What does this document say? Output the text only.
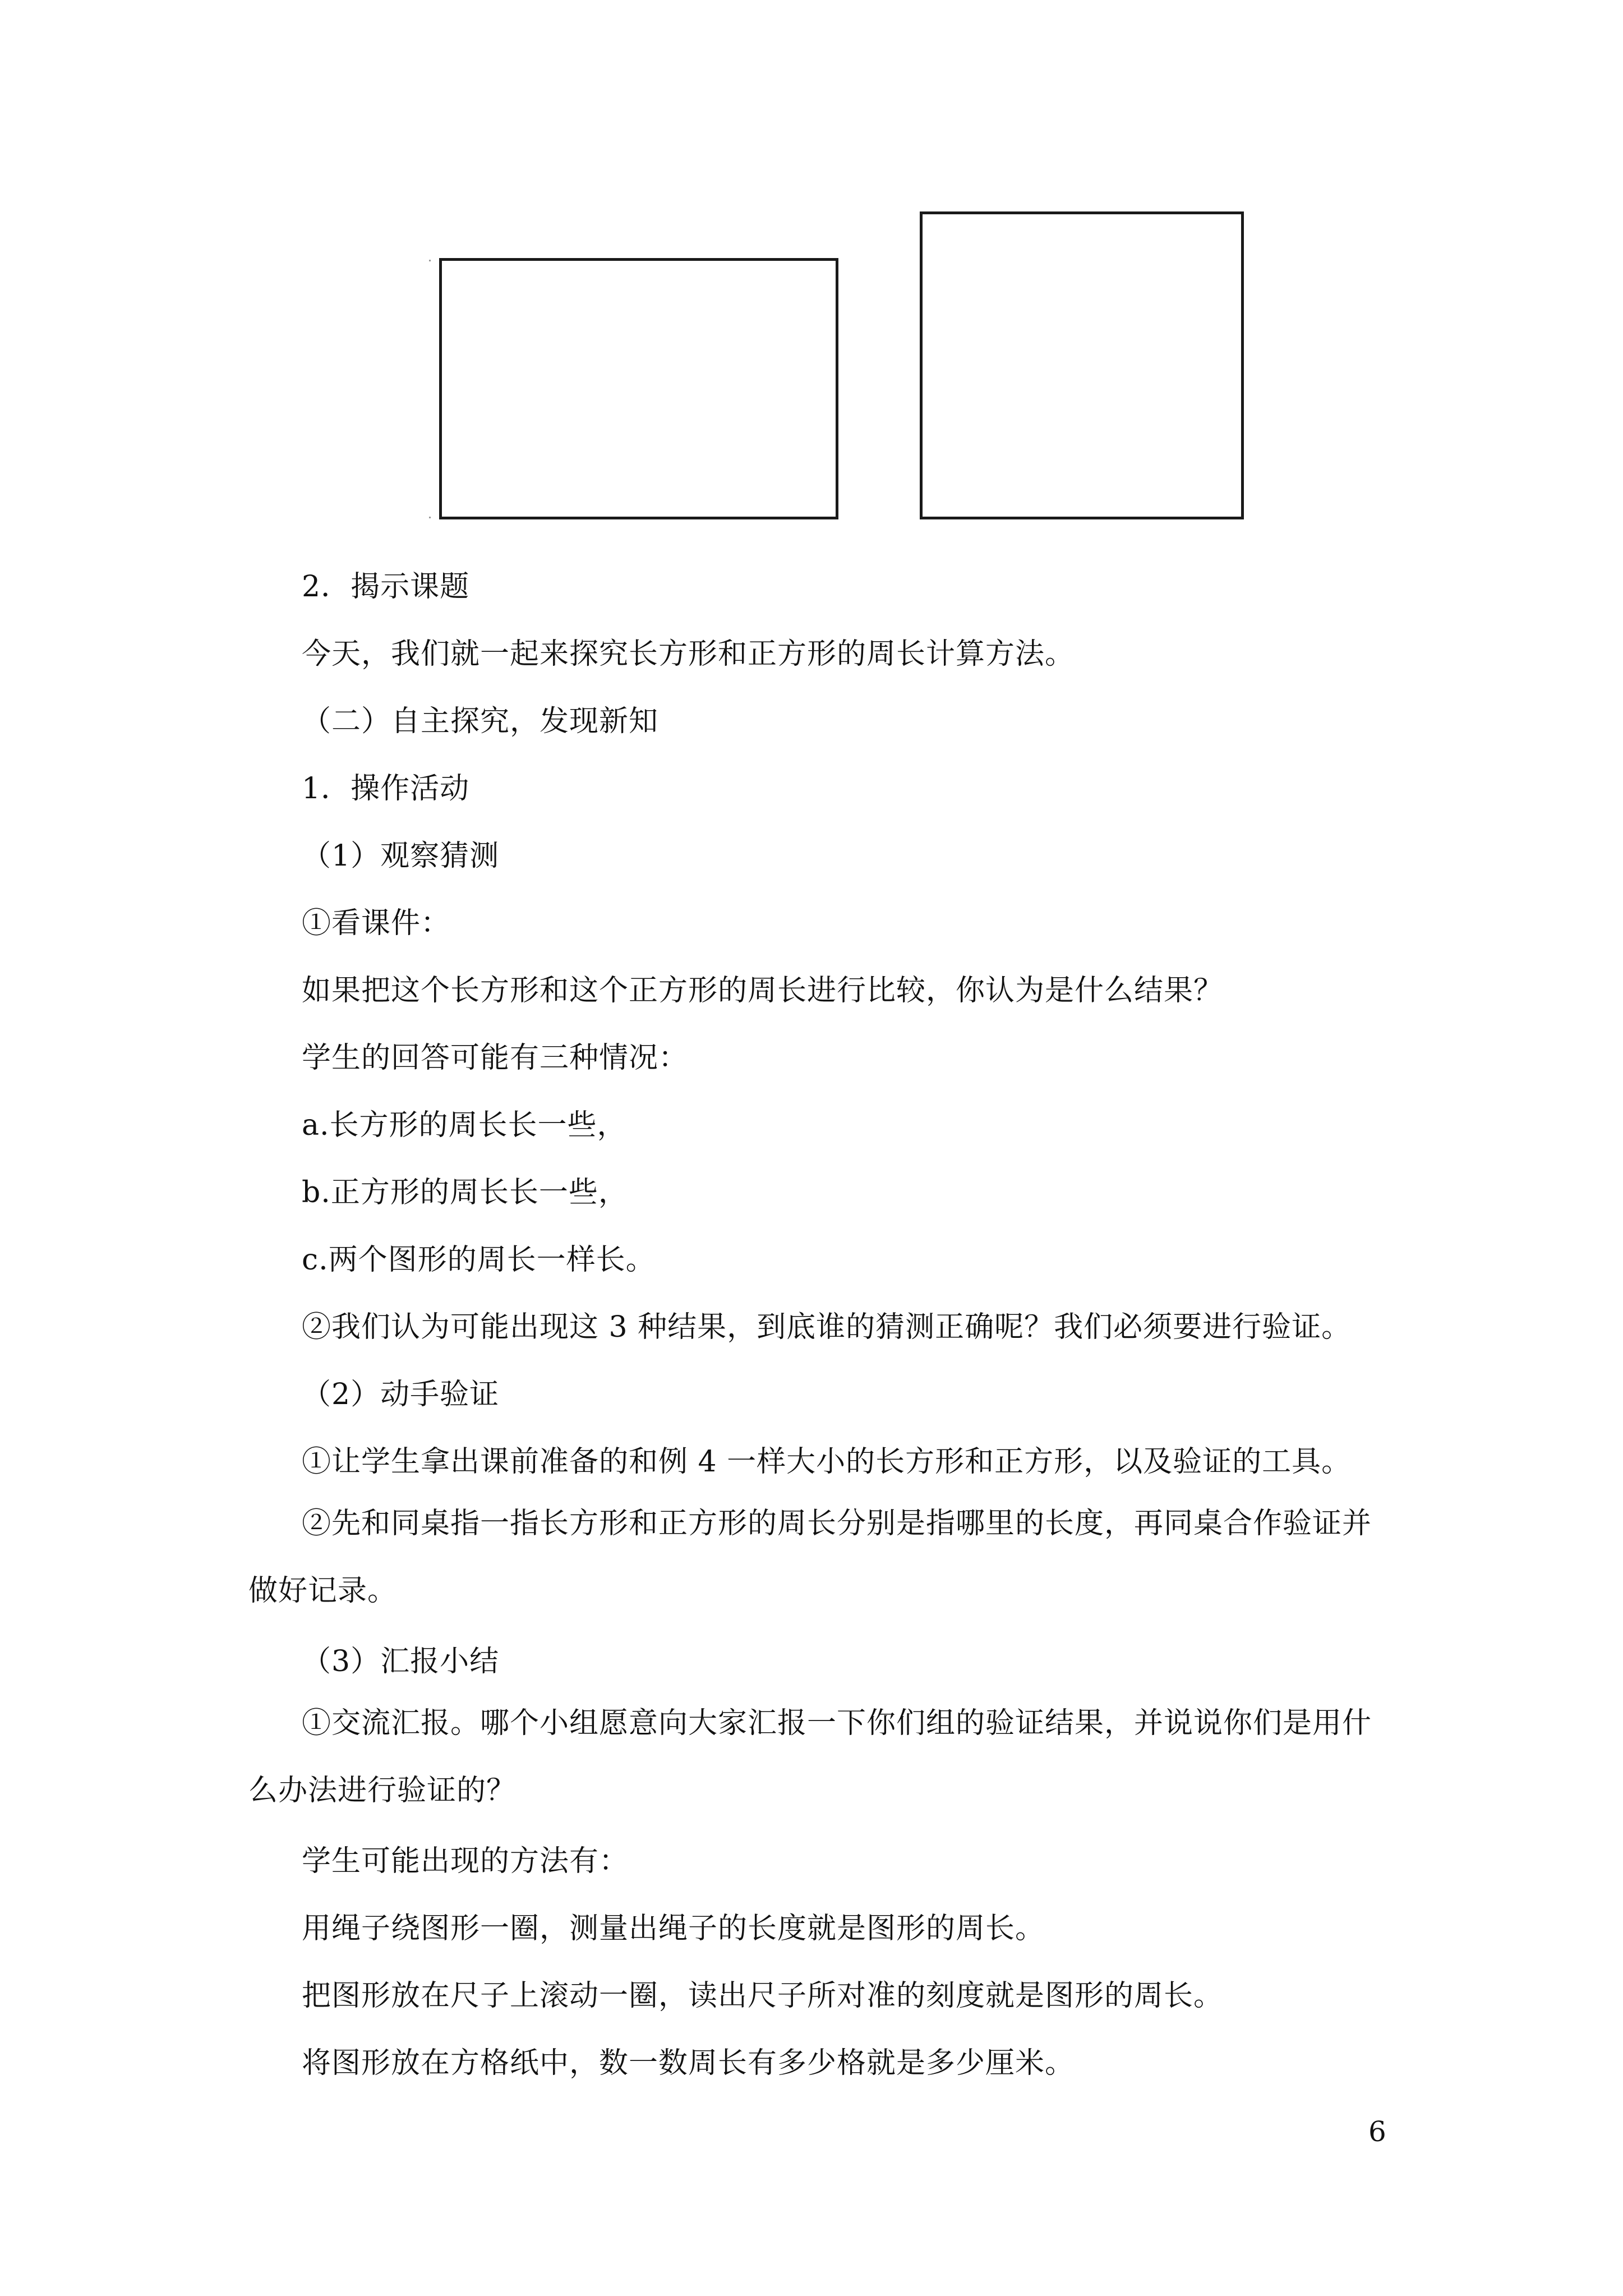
2．揭示课题

今天，我们就一起来探究长方形和正方形的周长计算方法。

（二）自主探究，发现新知

1．操作活动

（1）观察猜测

①看课件：

如果把这个长方形和这个正方形的周长进行比较，你认为是什么结果？

学生的回答可能有三种情况：

a.长方形的周长长一些，

b.正方形的周长长一些，

c.两个图形的周长一样长。

②我们认为可能出现这 3 种结果，到底谁的猜测正确呢？我们必须要进行验证。

（2）动手验证

①让学生拿出课前准备的和例 4 一样大小的长方形和正方形，以及验证的工具。

②先和同桌指一指长方形和正方形的周长分别是指哪里的长度，再同桌合作验证并做好记录。

（3）汇报小结

①交流汇报。哪个小组愿意向大家汇报一下你们组的验证结果，并说说你们是用什么办法进行验证的？

学生可能出现的方法有：

用绳子绕图形一圈，测量出绳子的长度就是图形的周长。

把图形放在尺子上滚动一圈，读出尺子所对准的刻度就是图形的周长。

将图形放在方格纸中，数一数周长有多少格就是多少厘米。

6
